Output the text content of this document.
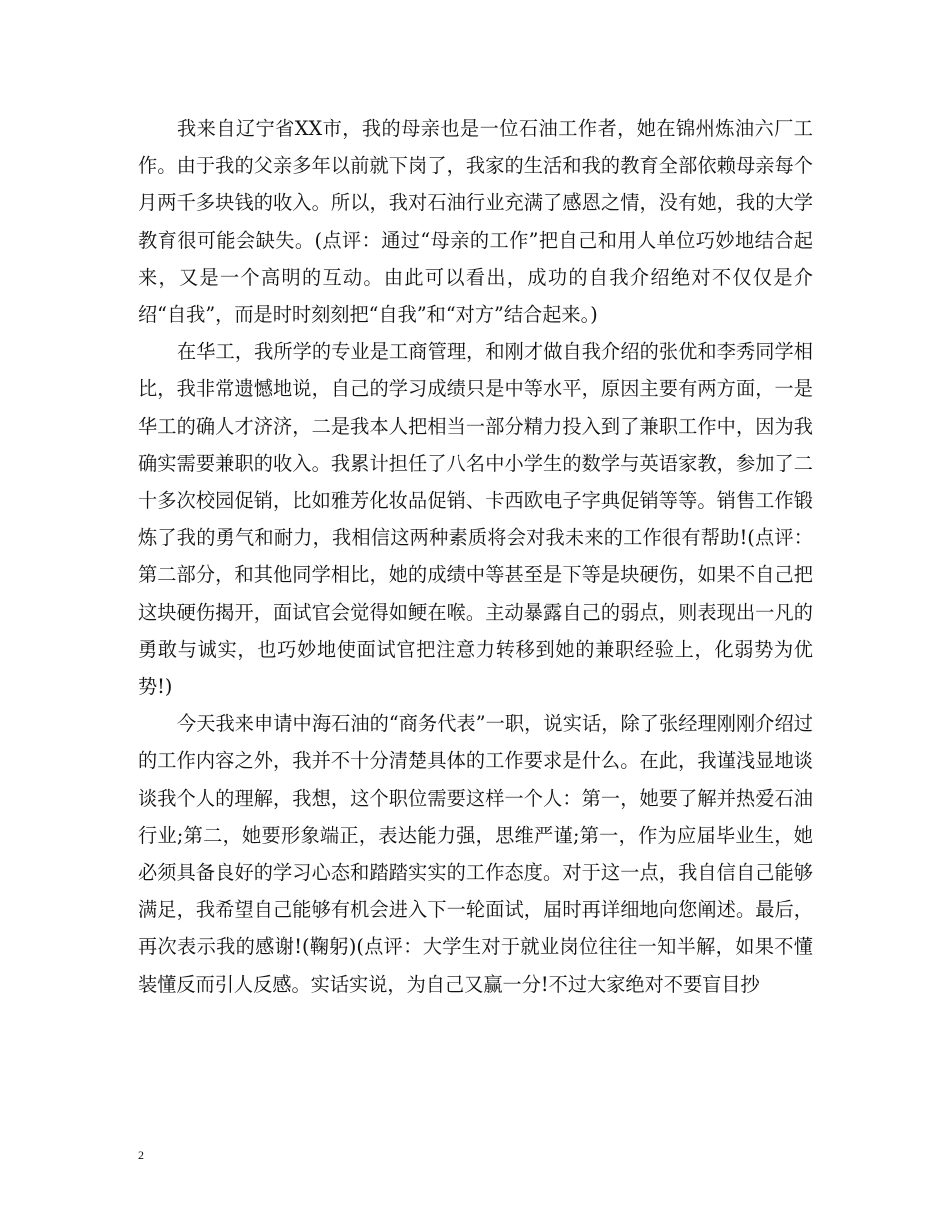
我来自辽宁省XX市，我的母亲也是一位石油工作者，她在锦州炼油六厂工作。由于我的父亲多年以前就下岗了，我家的生活和我的教育全部依赖母亲每个月两千多块钱的收入。所以，我对石油行业充满了感恩之情，没有她，我的大学教育很可能会缺失。(点评：通过“母亲的工作”把自己和用人单位巧妙地结合起来，又是一个高明的互动。由此可以看出，成功的自我介绍绝对不仅仅是介绍“自我”，而是时时刻刻把“自我”和“对方”结合起来。)

在华工，我所学的专业是工商管理，和刚才做自我介绍的张优和李秀同学相比，我非常遗憾地说，自己的学习成绩只是中等水平，原因主要有两方面，一是华工的确人才济济，二是我本人把相当一部分精力投入到了兼职工作中，因为我确实需要兼职的收入。我累计担任了八名中小学生的数学与英语家教，参加了二十多次校园促销，比如雅芳化妆品促销、卡西欧电子字典促销等等。销售工作锻炼了我的勇气和耐力，我相信这两种素质将会对我未来的工作很有帮助!(点评：第二部分，和其他同学相比，她的成绩中等甚至是下等是块硬伤，如果不自己把这块硬伤揭开，面试官会觉得如鲠在喉。主动暴露自己的弱点，则表现出一凡的勇敢与诚实，也巧妙地使面试官把注意力转移到她的兼职经验上，化弱势为优势!)

今天我来申请中海石油的“商务代表”一职，说实话，除了张经理刚刚介绍过的工作内容之外，我并不十分清楚具体的工作要求是什么。在此，我谨浅显地谈谈我个人的理解，我想，这个职位需要这样一个人：第一，她要了解并热爱石油行业;第二，她要形象端正，表达能力强，思维严谨;第一，作为应届毕业生，她必须具备良好的学习心态和踏踏实实的工作态度。对于这一点，我自信自己能够满足，我希望自己能够有机会进入下一轮面试，届时再详细地向您阐述。最后，再次表示我的感谢!(鞠躬)(点评：大学生对于就业岗位往往一知半解，如果不懂装懂反而引人反感。实话实说，为自己又赢一分!不过大家绝对不要盲目抄

2
